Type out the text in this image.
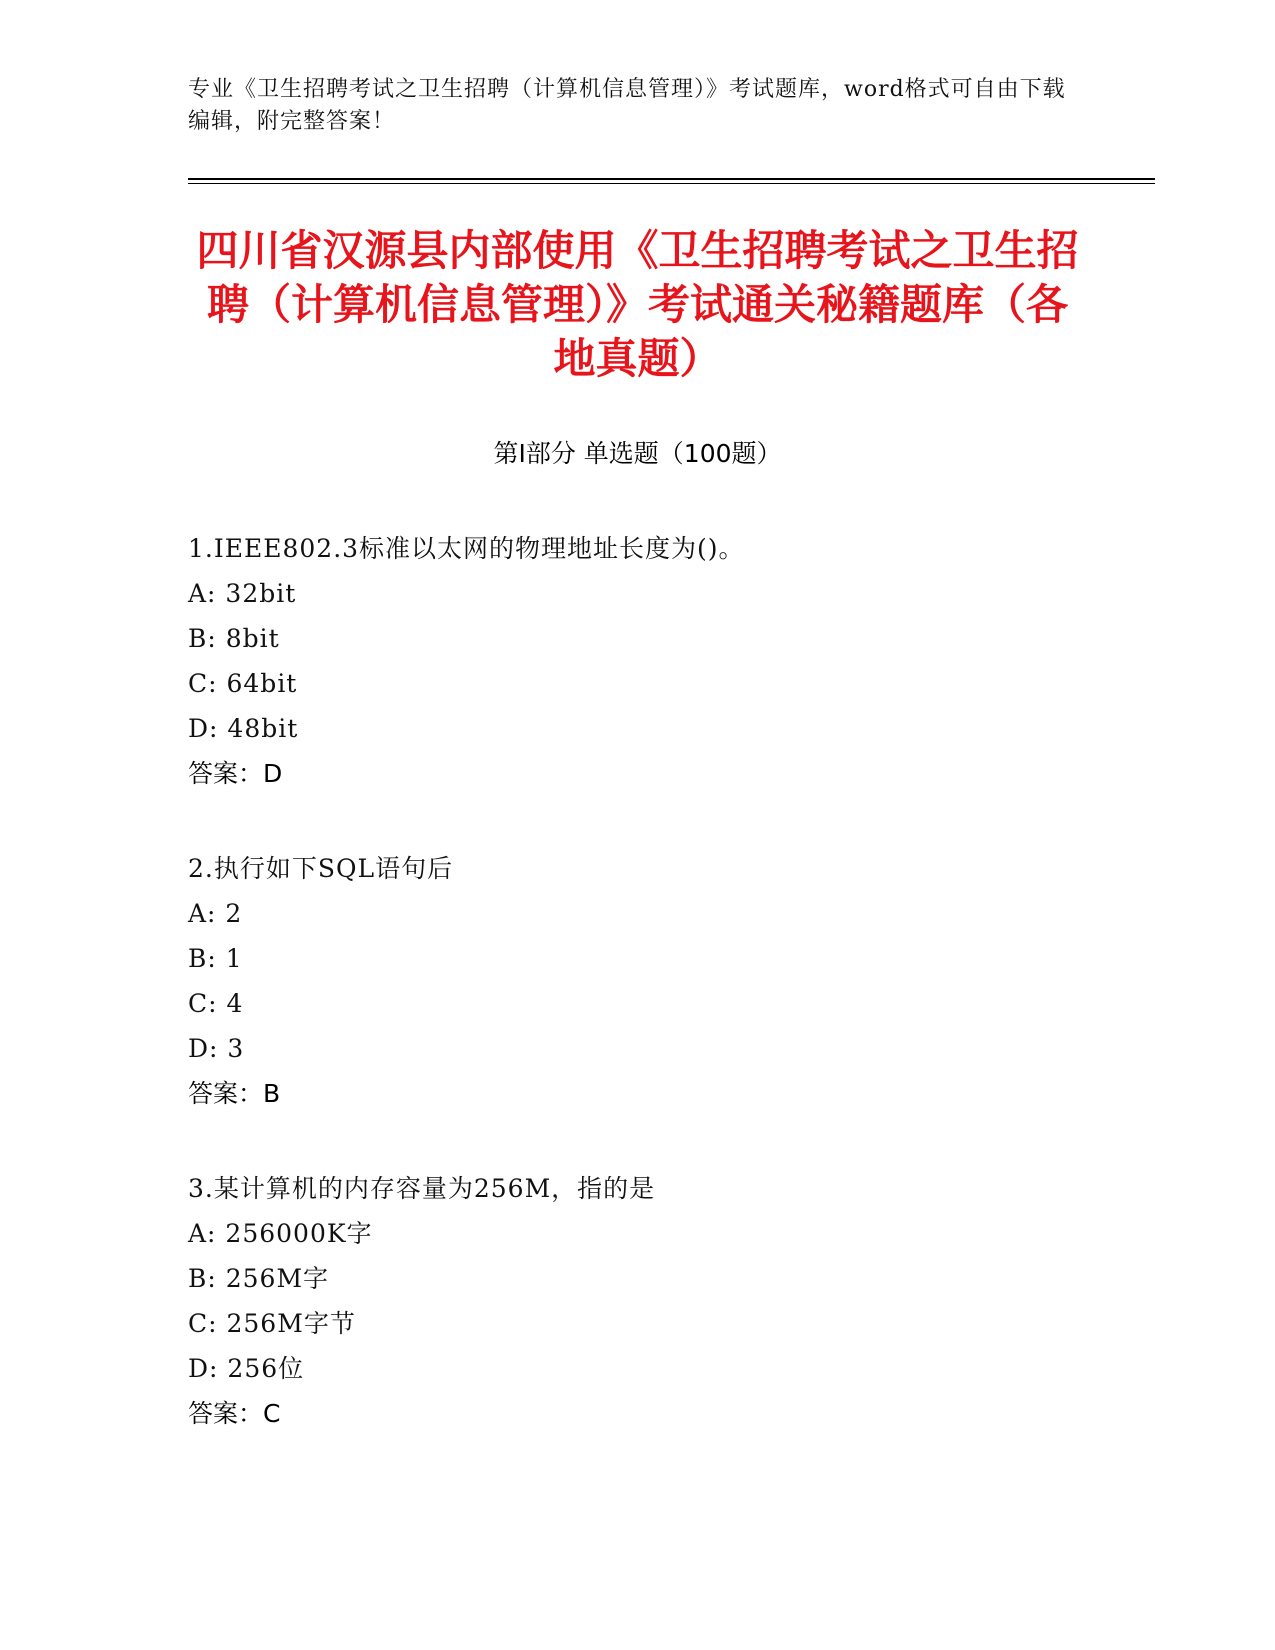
专业《卫生招聘考试之卫生招聘（计算机信息管理）》考试题库，word格式可自由下载编辑，附完整答案！
四川省汉源县内部使用《卫生招聘考试之卫生招聘（计算机信息管理）》考试通关秘籍题库（各地真题）
第Ⅰ部分 单选题（100题）
1.IEEE802.3标准以太网的物理地址长度为()。
A: 32bit
B: 8bit
C: 64bit
D: 48bit
答案：D
2.执行如下SQL语句后
A: 2
B: 1
C: 4
D: 3
答案：B
3.某计算机的内存容量为256M，指的是
A: 256000K字
B: 256M字
C: 256M字节
D: 256位
答案：C
